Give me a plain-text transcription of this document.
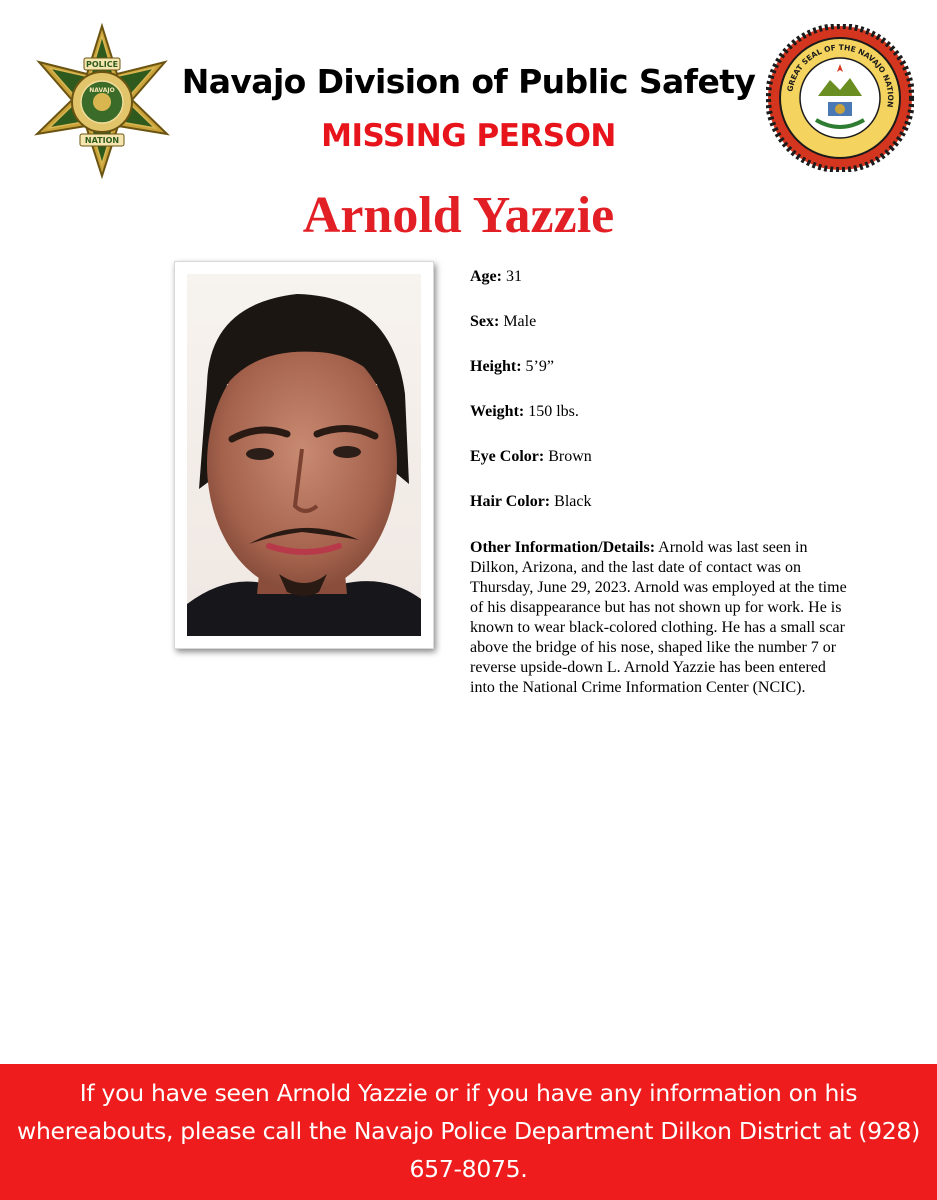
POLICE
NATION
NAVAJO	GREAT SEAL OF THE NAVAJO NATION
Navajo Division of Public Safety
MISSING PERSON
Arnold Yazzie
Age: 31
Sex: Male
Height: 5’9”
Weight: 150 lbs.
Eye Color: Brown
Hair Color: Black
Other Information/Details: Arnold was last seen in Dilkon, Arizona, and the last date of contact was on Thursday, June 29, 2023. Arnold was employed at the time of his disappearance but has not shown up for work. He is known to wear black-colored clothing. He has a small scar above the bridge of his nose, shaped like the number 7 or reverse upside-down L. Arnold Yazzie has been entered into the National Crime Information Center (NCIC).
If you have seen Arnold Yazzie or if you have any information on his whereabouts, please call the Navajo Police Department Dilkon District at (928) 657-8075.
